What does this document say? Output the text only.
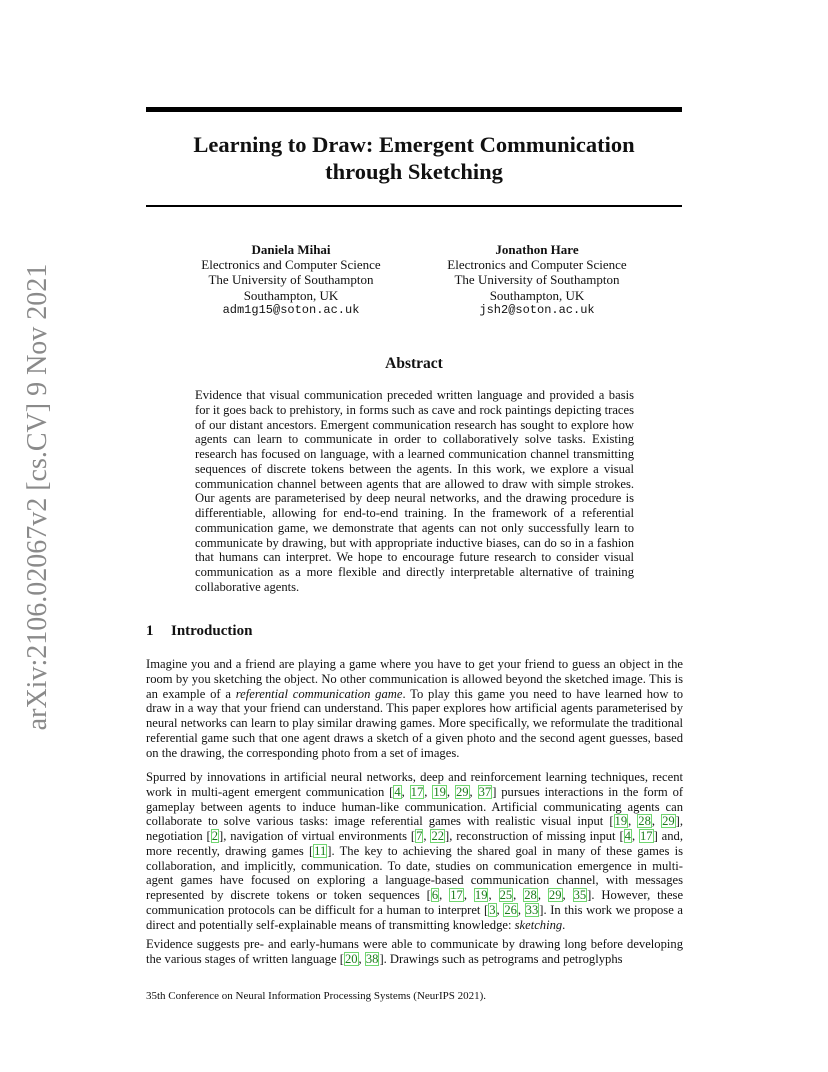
arXiv:2106.02067v2 [cs.CV] 9 Nov 2021
Learning to Draw: Emergent Communication
through Sketching
Daniela Mihai
Electronics and Computer Science
The University of Southampton
Southampton, UK
adm1g15@soton.ac.uk
Jonathon Hare
Electronics and Computer Science
The University of Southampton
Southampton, UK
jsh2@soton.ac.uk
Abstract

Evidence that visual communication preceded written language and provided a basis for it goes back to prehistory, in forms such as cave and rock paintings depicting traces of our distant ancestors. Emergent communication research has sought to explore how agents can learn to communicate in order to collaboratively solve tasks. Existing research has focused on language, with a learned communication channel transmitting sequences of discrete tokens between the agents. In this work, we explore a visual communication channel between agents that are allowed to draw with simple strokes. Our agents are parameterised by deep neural networks, and the drawing procedure is differentiable, allowing for end-to-end training. In the framework of a referential communication game, we demonstrate that agents can not only successfully learn to communicate by drawing, but with appropriate inductive biases, can do so in a fashion that humans can interpret. We hope to encourage future research to consider visual communication as a more flexible and directly interpretable alternative of training collaborative agents.

1 Introduction

Imagine you and a friend are playing a game where you have to get your friend to guess an object in the room by you sketching the object. No other communication is allowed beyond the sketched image. This is an example of a referential communication game. To play this game you need to have learned how to draw in a way that your friend can understand. This paper explores how artificial agents parameterised by neural networks can learn to play similar drawing games. More specifically, we reformulate the traditional referential game such that one agent draws a sketch of a given photo and the second agent guesses, based on the drawing, the corresponding photo from a set of images.

Spurred by innovations in artificial neural networks, deep and reinforcement learning techniques, recent work in multi-agent emergent communication [4, 17, 19, 29, 37] pursues interactions in the form of gameplay between agents to induce human-like communication. Artificial communicating agents can collaborate to solve various tasks: image referential games with realistic visual input [19, 28, 29], negotiation [2], navigation of virtual environments [7, 22], reconstruction of missing input [4, 17] and, more recently, drawing games [11]. The key to achieving the shared goal in many of these games is collaboration, and implicitly, communication. To date, studies on communication emergence in multi-agent games have focused on exploring a language-based communication channel, with messages represented by discrete tokens or token sequences [6, 17, 19, 25, 28, 29, 35]. However, these communication protocols can be difficult for a human to interpret [3, 26, 33]. In this work we propose a direct and potentially self-explainable means of transmitting knowledge: sketching.

Evidence suggests pre- and early-humans were able to communicate by drawing long before developing the various stages of written language [20, 38]. Drawings such as petrograms and petroglyphs

35th Conference on Neural Information Processing Systems (NeurIPS 2021).
